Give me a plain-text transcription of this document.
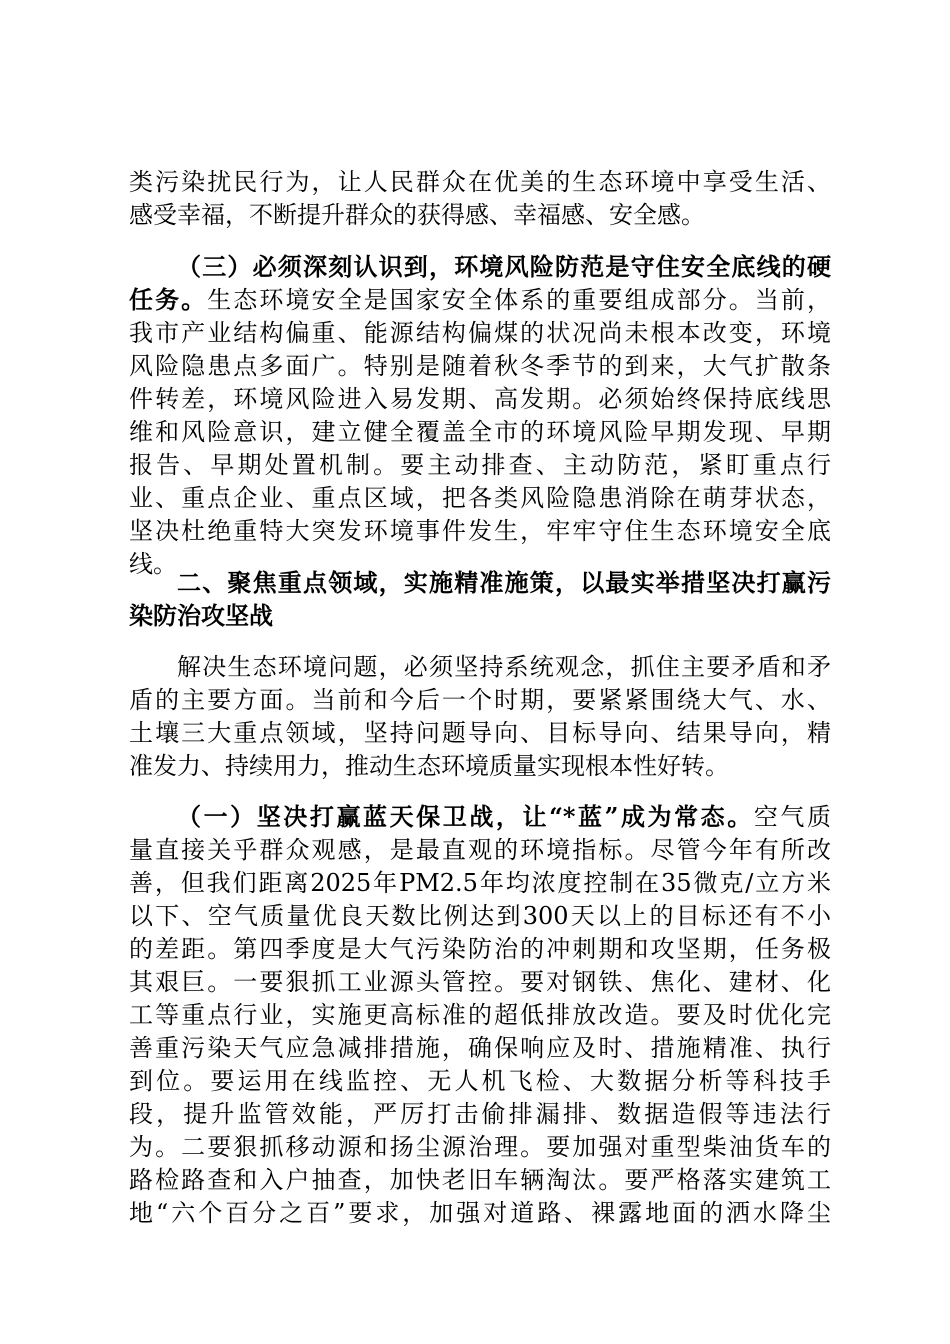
类污染扰民行为，让人民群众在优美的生态环境中享受生活、
感受幸福，不断提升群众的获得感、幸福感、安全感。
（三）必须深刻认识到，环境风险防范是守住安全底线的硬
任务。生态环境安全是国家安全体系的重要组成部分。当前，
我市产业结构偏重、能源结构偏煤的状况尚未根本改变，环境
风险隐患点多面广。特别是随着秋冬季节的到来，大气扩散条
件转差，环境风险进入易发期、高发期。必须始终保持底线思
维和风险意识，建立健全覆盖全市的环境风险早期发现、早期
报告、早期处置机制。要主动排查、主动防范，紧盯重点行
业、重点企业、重点区域，把各类风险隐患消除在萌芽状态，
坚决杜绝重特大突发环境事件发生，牢牢守住生态环境安全底
线。
二、聚焦重点领域，实施精准施策，以最实举措坚决打赢污
染防治攻坚战
解决生态环境问题，必须坚持系统观念，抓住主要矛盾和矛
盾的主要方面。当前和今后一个时期，要紧紧围绕大气、水、
土壤三大重点领域，坚持问题导向、目标导向、结果导向，精
准发力、持续用力，推动生态环境质量实现根本性好转。
（一）坚决打赢蓝天保卫战，让“*蓝”成为常态。空气质
量直接关乎群众观感，是最直观的环境指标。尽管今年有所改
善，但我们距离2025年PM2.5年均浓度控制在35微克/立方米
以下、空气质量优良天数比例达到300天以上的目标还有不小
的差距。第四季度是大气污染防治的冲刺期和攻坚期，任务极
其艰巨。一要狠抓工业源头管控。要对钢铁、焦化、建材、化
工等重点行业，实施更高标准的超低排放改造。要及时优化完
善重污染天气应急减排措施，确保响应及时、措施精准、执行
到位。要运用在线监控、无人机飞检、大数据分析等科技手
段，提升监管效能，严厉打击偷排漏排、数据造假等违法行
为。二要狠抓移动源和扬尘源治理。要加强对重型柴油货车的
路检路查和入户抽查，加快老旧车辆淘汰。要严格落实建筑工
地“六个百分之百”要求，加强对道路、裸露地面的洒水降尘
